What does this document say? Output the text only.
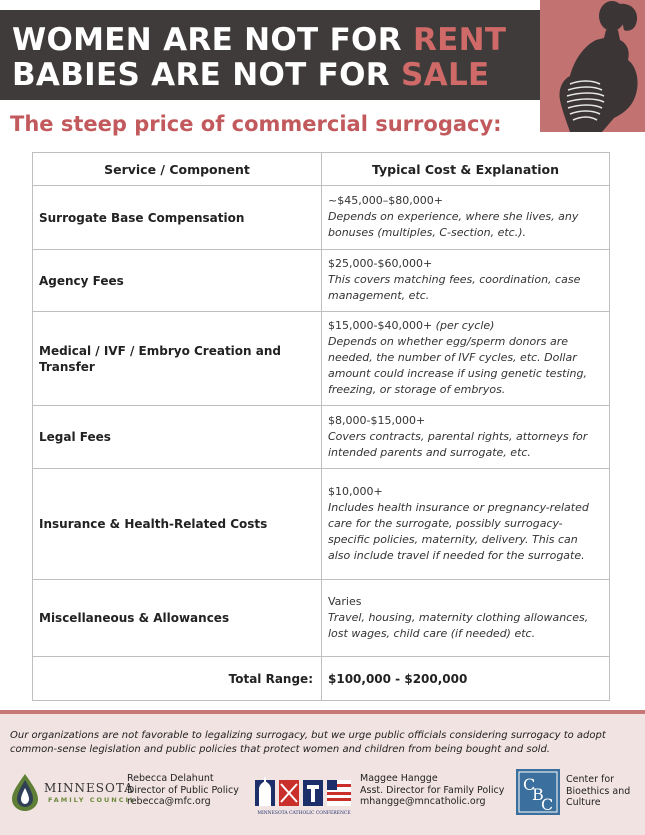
WOMEN ARE NOT FOR RENT
BABIES ARE NOT FOR SALE
The steep price of commercial surrogacy:
Service / Component	Typical Cost & Explanation
Surrogate Base Compensation	~$45,000–$80,000+
Depends on experience, where she lives, any bonuses (multiples, C-section, etc.).

Agency Fees	$25,000-$60,000+
This covers matching fees, coordination, case management, etc.

Medical / IVF / Embryo Creation and Transfer	$15,000-$40,000+ (per cycle)
Depends on whether egg/sperm donors are needed, the number of IVF cycles, etc. Dollar amount could increase if using genetic testing, freezing, or storage of embryos.

Legal Fees	$8,000-$15,000+
Covers contracts, parental rights, attorneys for intended parents and surrogate, etc.

Insurance & Health-Related Costs	$10,000+
Includes health insurance or pregnancy-related care for the surrogate, possibly surrogacy-specific policies, maternity, delivery. This can also include travel if needed for the surrogate.

Miscellaneous & Allowances	Varies
Travel, housing, maternity clothing allowances, lost wages, child care (if needed) etc.

Total Range:	$100,000 - $200,000
Our organizations are not favorable to legalizing surrogacy, but we urge public officials considering surrogacy to adopt common-sense legislation and public policies that protect women and children from being bought and sold.
MINNESOTA
FAMILY COUNCIL
Rebecca Delahunt
Director of Public Policy
rebecca@mfc.org
MINNESOTA CATHOLIC CONFERENCE
Maggee Hangge
Asst. Director for Family Policy
mhangge@mncatholic.org
C
B
C
Center for
Bioethics and
Culture
